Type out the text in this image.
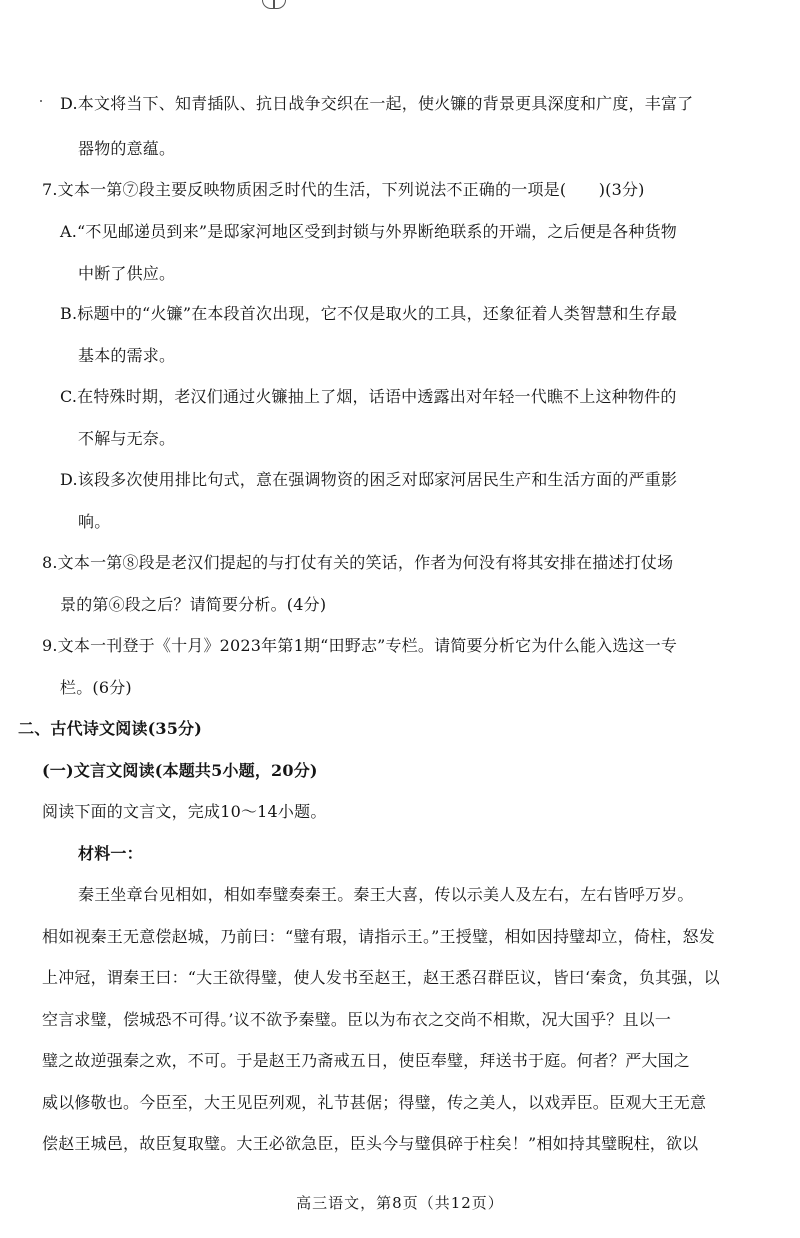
D.本文将当下、知青插队、抗日战争交织在一起，使火镰的背景更具深度和广度，丰富了
器物的意蕴。
7.文本一第⑦段主要反映物质困乏时代的生活，下列说法不正确的一项是(　　)(3分)
A.“不见邮递员到来”是邸家河地区受到封锁与外界断绝联系的开端，之后便是各种货物
中断了供应。
B.标题中的“火镰”在本段首次出现，它不仅是取火的工具，还象征着人类智慧和生存最
基本的需求。
C.在特殊时期，老汉们通过火镰抽上了烟，话语中透露出对年轻一代瞧不上这种物件的
不解与无奈。
D.该段多次使用排比句式，意在强调物资的困乏对邸家河居民生产和生活方面的严重影
响。
8.文本一第⑧段是老汉们提起的与打仗有关的笑话，作者为何没有将其安排在描述打仗场
景的第⑥段之后？请简要分析。(4分)
9.文本一刊登于《十月》2023年第1期“田野志”专栏。请简要分析它为什么能入选这一专
栏。(6分)
二、古代诗文阅读(35分)
(一)文言文阅读(本题共5小题，20分)
阅读下面的文言文，完成10～14小题。
材料一：
秦王坐章台见相如，相如奉璧奏秦王。秦王大喜，传以示美人及左右，左右皆呼万岁。
相如视秦王无意偿赵城，乃前曰：“璧有瑕，请指示王。”王授璧，相如因持璧却立，倚柱，怒发
上冲冠，谓秦王曰：“大王欲得璧，使人发书至赵王，赵王悉召群臣议，皆曰‘秦贪，负其强，以
空言求璧，偿城恐不可得。’议不欲予秦璧。臣以为布衣之交尚不相欺，况大国乎？且以一
璧之故逆强秦之欢，不可。于是赵王乃斋戒五日，使臣奉璧，拜送书于庭。何者？严大国之
威以修敬也。今臣至，大王见臣列观，礼节甚倨；得璧，传之美人，以戏弄臣。臣观大王无意
偿赵王城邑，故臣复取璧。大王必欲急臣，臣头今与璧俱碎于柱矣！”相如持其璧睨柱，欲以
高三语文，第8页（共12页）
